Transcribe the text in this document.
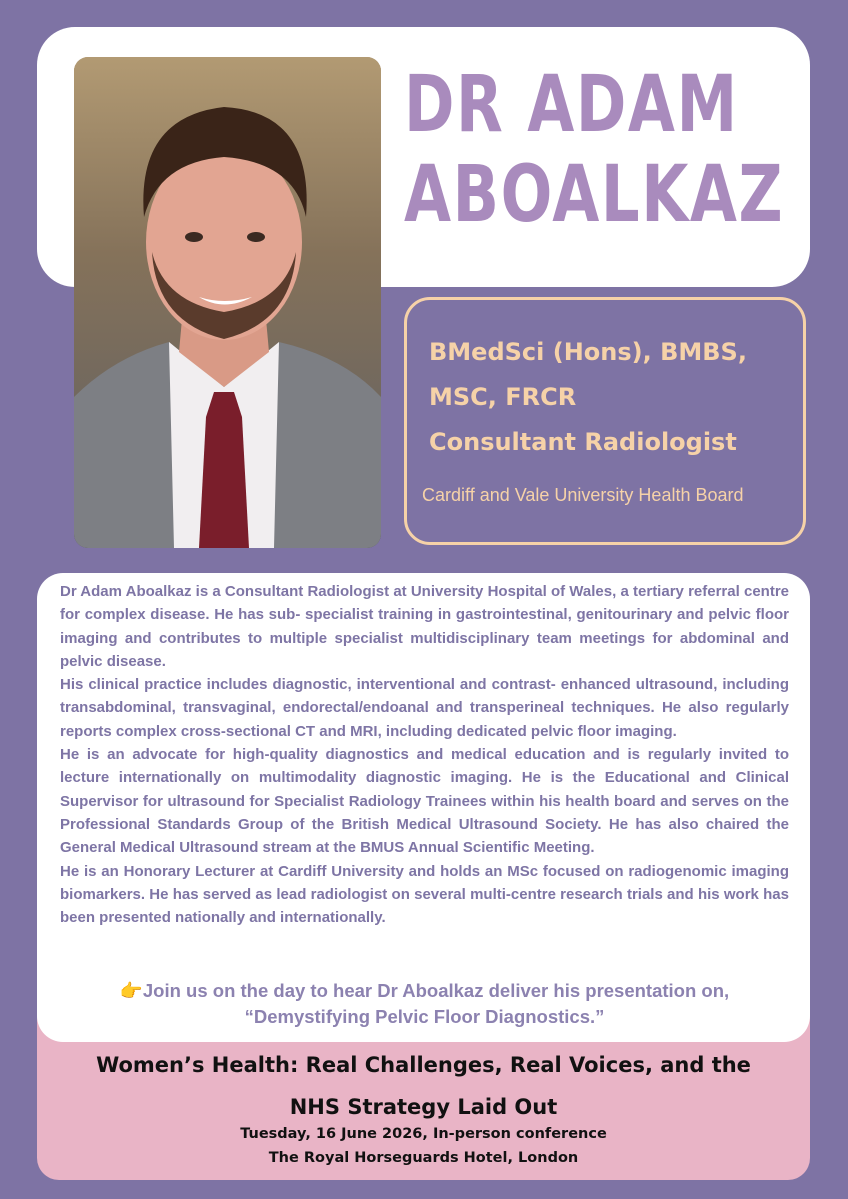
DR ADAM
ABOALKAZ
BMedSci (Hons), BMBS,
MSC, FRCR
Consultant Radiologist
Cardiff and Vale University Health Board

Dr Adam Aboalkaz is a Consultant Radiologist at University Hospital of Wales, a tertiary referral centre for complex disease. He has sub- specialist training in gastrointestinal, genitourinary and pelvic floor imaging and contributes to multiple specialist multidisciplinary team meetings for abdominal and pelvic disease.

His clinical practice includes diagnostic, interventional and contrast- enhanced ultrasound, including transabdominal, transvaginal, endorectal/endoanal and transperineal techniques. He also regularly reports complex cross-sectional CT and MRI, including dedicated pelvic floor imaging.

He is an advocate for high-quality diagnostics and medical education and is regularly invited to lecture internationally on multimodality diagnostic imaging. He is the Educational and Clinical Supervisor for ultrasound for Specialist Radiology Trainees within his health board and serves on the Professional Standards Group of the British Medical Ultrasound Society. He has also chaired the General Medical Ultrasound stream at the BMUS Annual Scientific Meeting.

He is an Honorary Lecturer at Cardiff University and holds an MSc focused on radiogenomic imaging biomarkers. He has served as lead radiologist on several multi-centre research trials and his work has been presented nationally and internationally.

👉Join us on the day to hear Dr Aboalkaz deliver his presentation on,
“Demystifying Pelvic Floor Diagnostics.”
Women’s Health: Real Challenges, Real Voices, and the
NHS Strategy Laid Out
Tuesday, 16 June 2026, In-person conference
The Royal Horseguards Hotel, London
